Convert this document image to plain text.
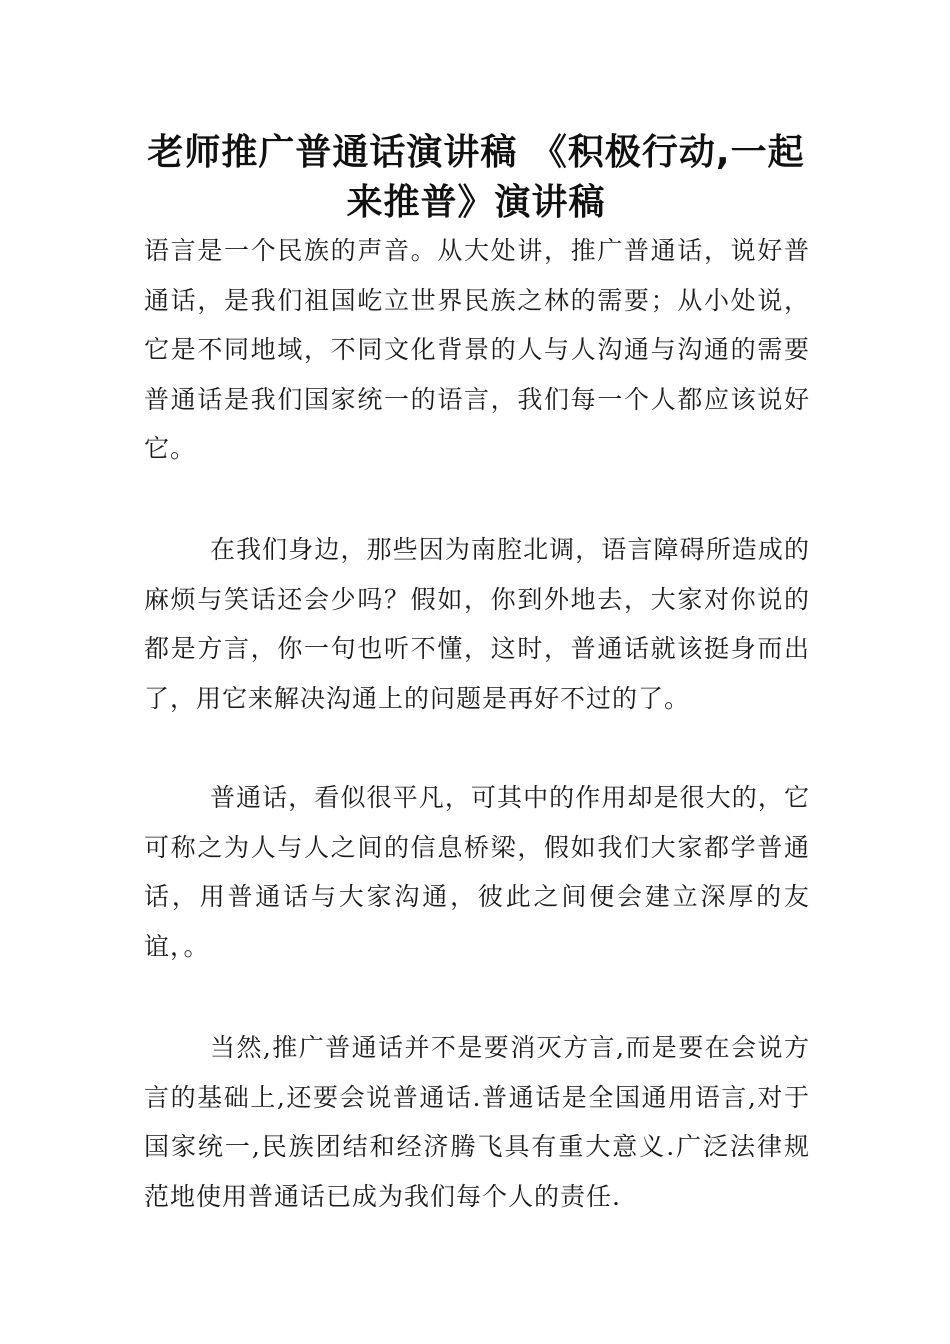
老师推广普通话演讲稿 《积极行动,一起来推普》演讲稿

语言是一个民族的声音。从大处讲，推广普通话，说好普通话，是我们祖国屹立世界民族之林的需要；从小处说，它是不同地域，不同文化背景的人与人沟通与沟通的需要普通话是我们国家统一的语言，我们每一个人都应该说好它。

在我们身边，那些因为南腔北调，语言障碍所造成的麻烦与笑话还会少吗？假如，你到外地去，大家对你说的都是方言，你一句也听不懂，这时，普通话就该挺身而出了，用它来解决沟通上的问题是再好不过的了。

普通话，看似很平凡，可其中的作用却是很大的，它可称之为人与人之间的信息桥梁，假如我们大家都学普通话，用普通话与大家沟通，彼此之间便会建立深厚的友谊，。

当然,推广普通话并不是要消灭方言,而是要在会说方言的基础上,还要会说普通话.普通话是全国通用语言,对于国家统一,民族团结和经济腾飞具有重大意义.广泛法律规范地使用普通话已成为我们每个人的责任.
